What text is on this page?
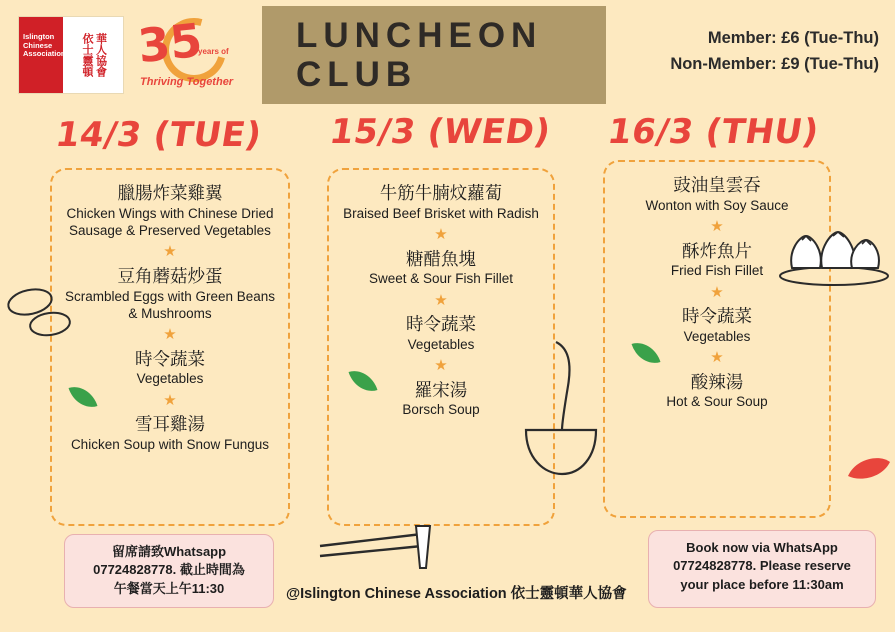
Islington Chinese
Association 依士靈頓 華人協會 35
years of
Thriving Together
LUNCHEON
CLUB
Member: £6 (Tue-Thu)
Non-Member: £9 (Tue-Thu)
14/3 (TUE) 15/3 (WED) 16/3 (THU)
臘腸炸菜雞翼
Chicken Wings with Chinese Dried Sausage & Preserved Vegetables
★
豆角蘑菇炒蛋
Scrambled Eggs with Green Beans & Mushrooms
★
時令蔬菜
Vegetables
★
雪耳雞湯
Chicken Soup with Snow Fungus
牛筋牛腩炆蘿蔔
Braised Beef Brisket with Radish
★
糖醋魚塊
Sweet & Sour Fish Fillet
★
時令蔬菜
Vegetables
★
羅宋湯
Borsch Soup
豉油皇雲吞
Wonton with Soy Sauce
★
酥炸魚片
Fried Fish Fillet
★
時令蔬菜
Vegetables
★
酸辣湯
Hot & Sour Soup
留席請致Whatsapp
07724828778. 截止時間為
午餐當天上午11:30
Book now via WhatsApp
07724828778. Please reserve
your place before 11:30am
@Islington Chinese Association 依士靈頓華人協會
